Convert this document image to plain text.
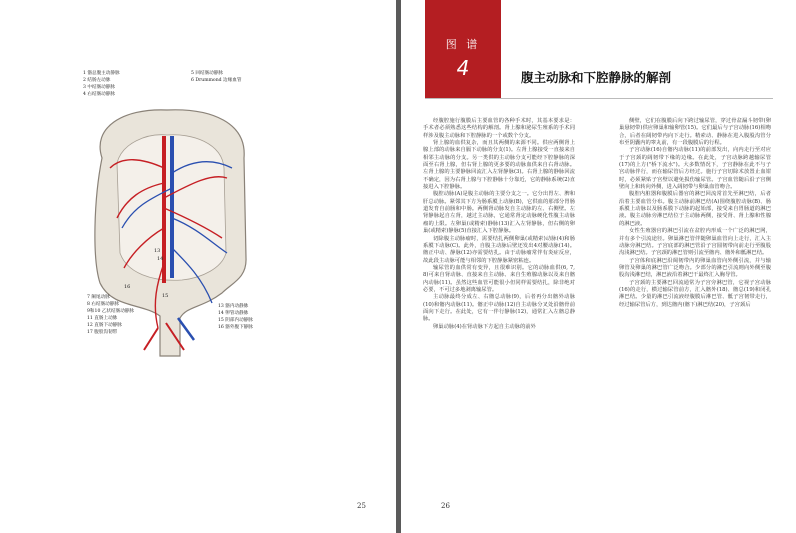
1 髂总腹主动静脉
2 结肠左动脉
3 中结肠动静脉
4 右结肠动静脉
5 回结肠动静脉
6 Drummond 边缘血管
13
14
15
16
7 阑尾动脉
8 右结肠动静脉
9和10 乙状结肠动静脉
11 直肠上动脉
12 直肠下动静脉
17 腹股沟韧带
13 髂内动静脉
14 卵管动静脉
15 阴部内动静脉
16 髂外腹下静脉
25
图 谱
4	腹主动脉和下腔静脉的解剖

经腹腔施行腹膜后主要血管的各种手术时，其基本要求是：手术者必须熟悉这些结构的解剖。肾上腺和泌尿生殖系的手术同样涉及腹主动脉和下腔静脉的一个或数个分支。

肾上腺的血供复杂，而且其两侧的来源不同。供应两侧肾上腺上部的动脉来自膈下动脉的分支(1)。左肾上腺接受一直接来自相邻主动脉的分支。另一类供的主动脉分支可能经下腔静脉的深面至右肾上腺，但右肾上腺的更多要的动脉血供来自右肾动脉。左肾上腺的主要静脉回流汇入左肾静脉(3)。右肾上腺的静脉回流不确定，因为右肾上腺与下腔静脉十分靠近，它的静脉系统(2)直接进入下腔静脉。

腹腔动脉(A)是腹主动脉的主要分支之一。它分出胃左、脾和肝总动脉。紧邻其下方为肠系膜上动脉(B)，它供血的那部分胃肠道发育自前肠和中肠。两侧肾动脉发自主动脉的左、右侧壁。左肾静脉起自左肾，越过主动脉，它通常肾定动脉硬化性腹主动脉瘤的上限。左卵巢(或精索)静脉(13)汇入左肾静脉，但右侧的卵巢(或精索)静脉(5)直接汇入下腔静脉。

切除腹主动脉瘤时，需要结扎两侧卵巢(或精索)动脉(4)和肠系膜下动脉(C)。此外，自腹主动脉后壁还发出4对腰动脉(14)。髂正中动、静脉(12)亦需要结扎。由于动脉瘤常伴有炎症反应，故此段主动脉可能与相邻的下腔静脉紧密粘连。

输尿管的血供常有变异，且很难识别。它的动脉血供(6, 7, 8)可来自肾动脉、直接来自主动脉、来自生殖腺动脉以及来自髂内动脉(11)。虽然这些血管可能很小但同样需要结扎，除非绝对必要，不可过多地剥离输尿管。

主动脉最终分成左、右髂总动脉(9)，后者再分出髂外动脉(10)和髂内动脉(11)。髂正中动脉(12)自主动脉分叉处沿髂骨前面向下走行。在此处，它有一伴行静脉(12)，通常汇入左髂总静脉。

卵巢动脉(4)在肾动脉下方起自主动脉的前外

侧壁，它们在腹膜后向下跨过输尿管，穿过骨盆漏斗韧带(卵巢悬韧带)供应卵巢和输卵管(15)。它们最后与子宫动脉(16)相吻合，后者在阔韧带内向下走行。精索动、静脉在进入腹股沟管分布至阴囊内的睾丸前，有一段腹膜后的行程。

子宫动脉(16)自髂内动脉(11)的前部发出，向内走行至对应于子宫颈的阔韧带下缘的边缘。在此处，子宫动脉跨越输尿管(17)的上方("桥下流水")。大多数情况下，子宫静脉在此不与子宫动脉伴行，而在输尿管后方经过。施行子宫切除术放置止血钳时，必须紧贴子宫壁以避免损伤输尿管。子宫血管随后沿子宫侧壁向上和转向外侧，进入阔韧带与卵巢血管吻合。

腹腔内脏器和腹膜后器官的淋巴回流常首先至淋巴结，后者沿着主要血管分布。腹主动脉前淋巴结(A)围绕腹腔动脉(B)、肠系膜上动脉以及肠系膜下动脉的起始部，接受来自胃肠道的淋巴液。腹主动脉旁淋巴结位于主动脉两侧，接受肾、肾上腺和性腺的淋巴液。

女性生殖器官的淋巴引流在盆腔内形成一个广泛的淋巴网，并有多个引流途径。卵巢淋巴管伴随卵巢血管向上走行，汇入主动脉旁淋巴结。子宫底部的淋巴管沿子宫圆韧带向前走行至腹股沟浅淋巴结。子宫颈的淋巴管则引流至髂内、髂外和骶淋巴结。

子宫体和底淋巴沿阔韧带内的卵巢血管向外侧引流，并与输卵管及卵巢的淋巴管广泛吻合。少部分的淋巴引流则向外侧至腹股沟浅淋巴结，淋巴液沿着淋巴干最终汇入胸导管。

子宫颈的主要淋巴回流通常为子宫旁淋巴管，它视子宫动脉(16)的走行，横过输尿管前方，汇入髂外(18)、髂总(19)和闭孔淋巴结。少量的淋巴引流液经腹膜后淋巴管、骶子宫韧带走行，经过输尿管后方，到达髂内(髂下)淋巴结(20)，子宫颈后

26
